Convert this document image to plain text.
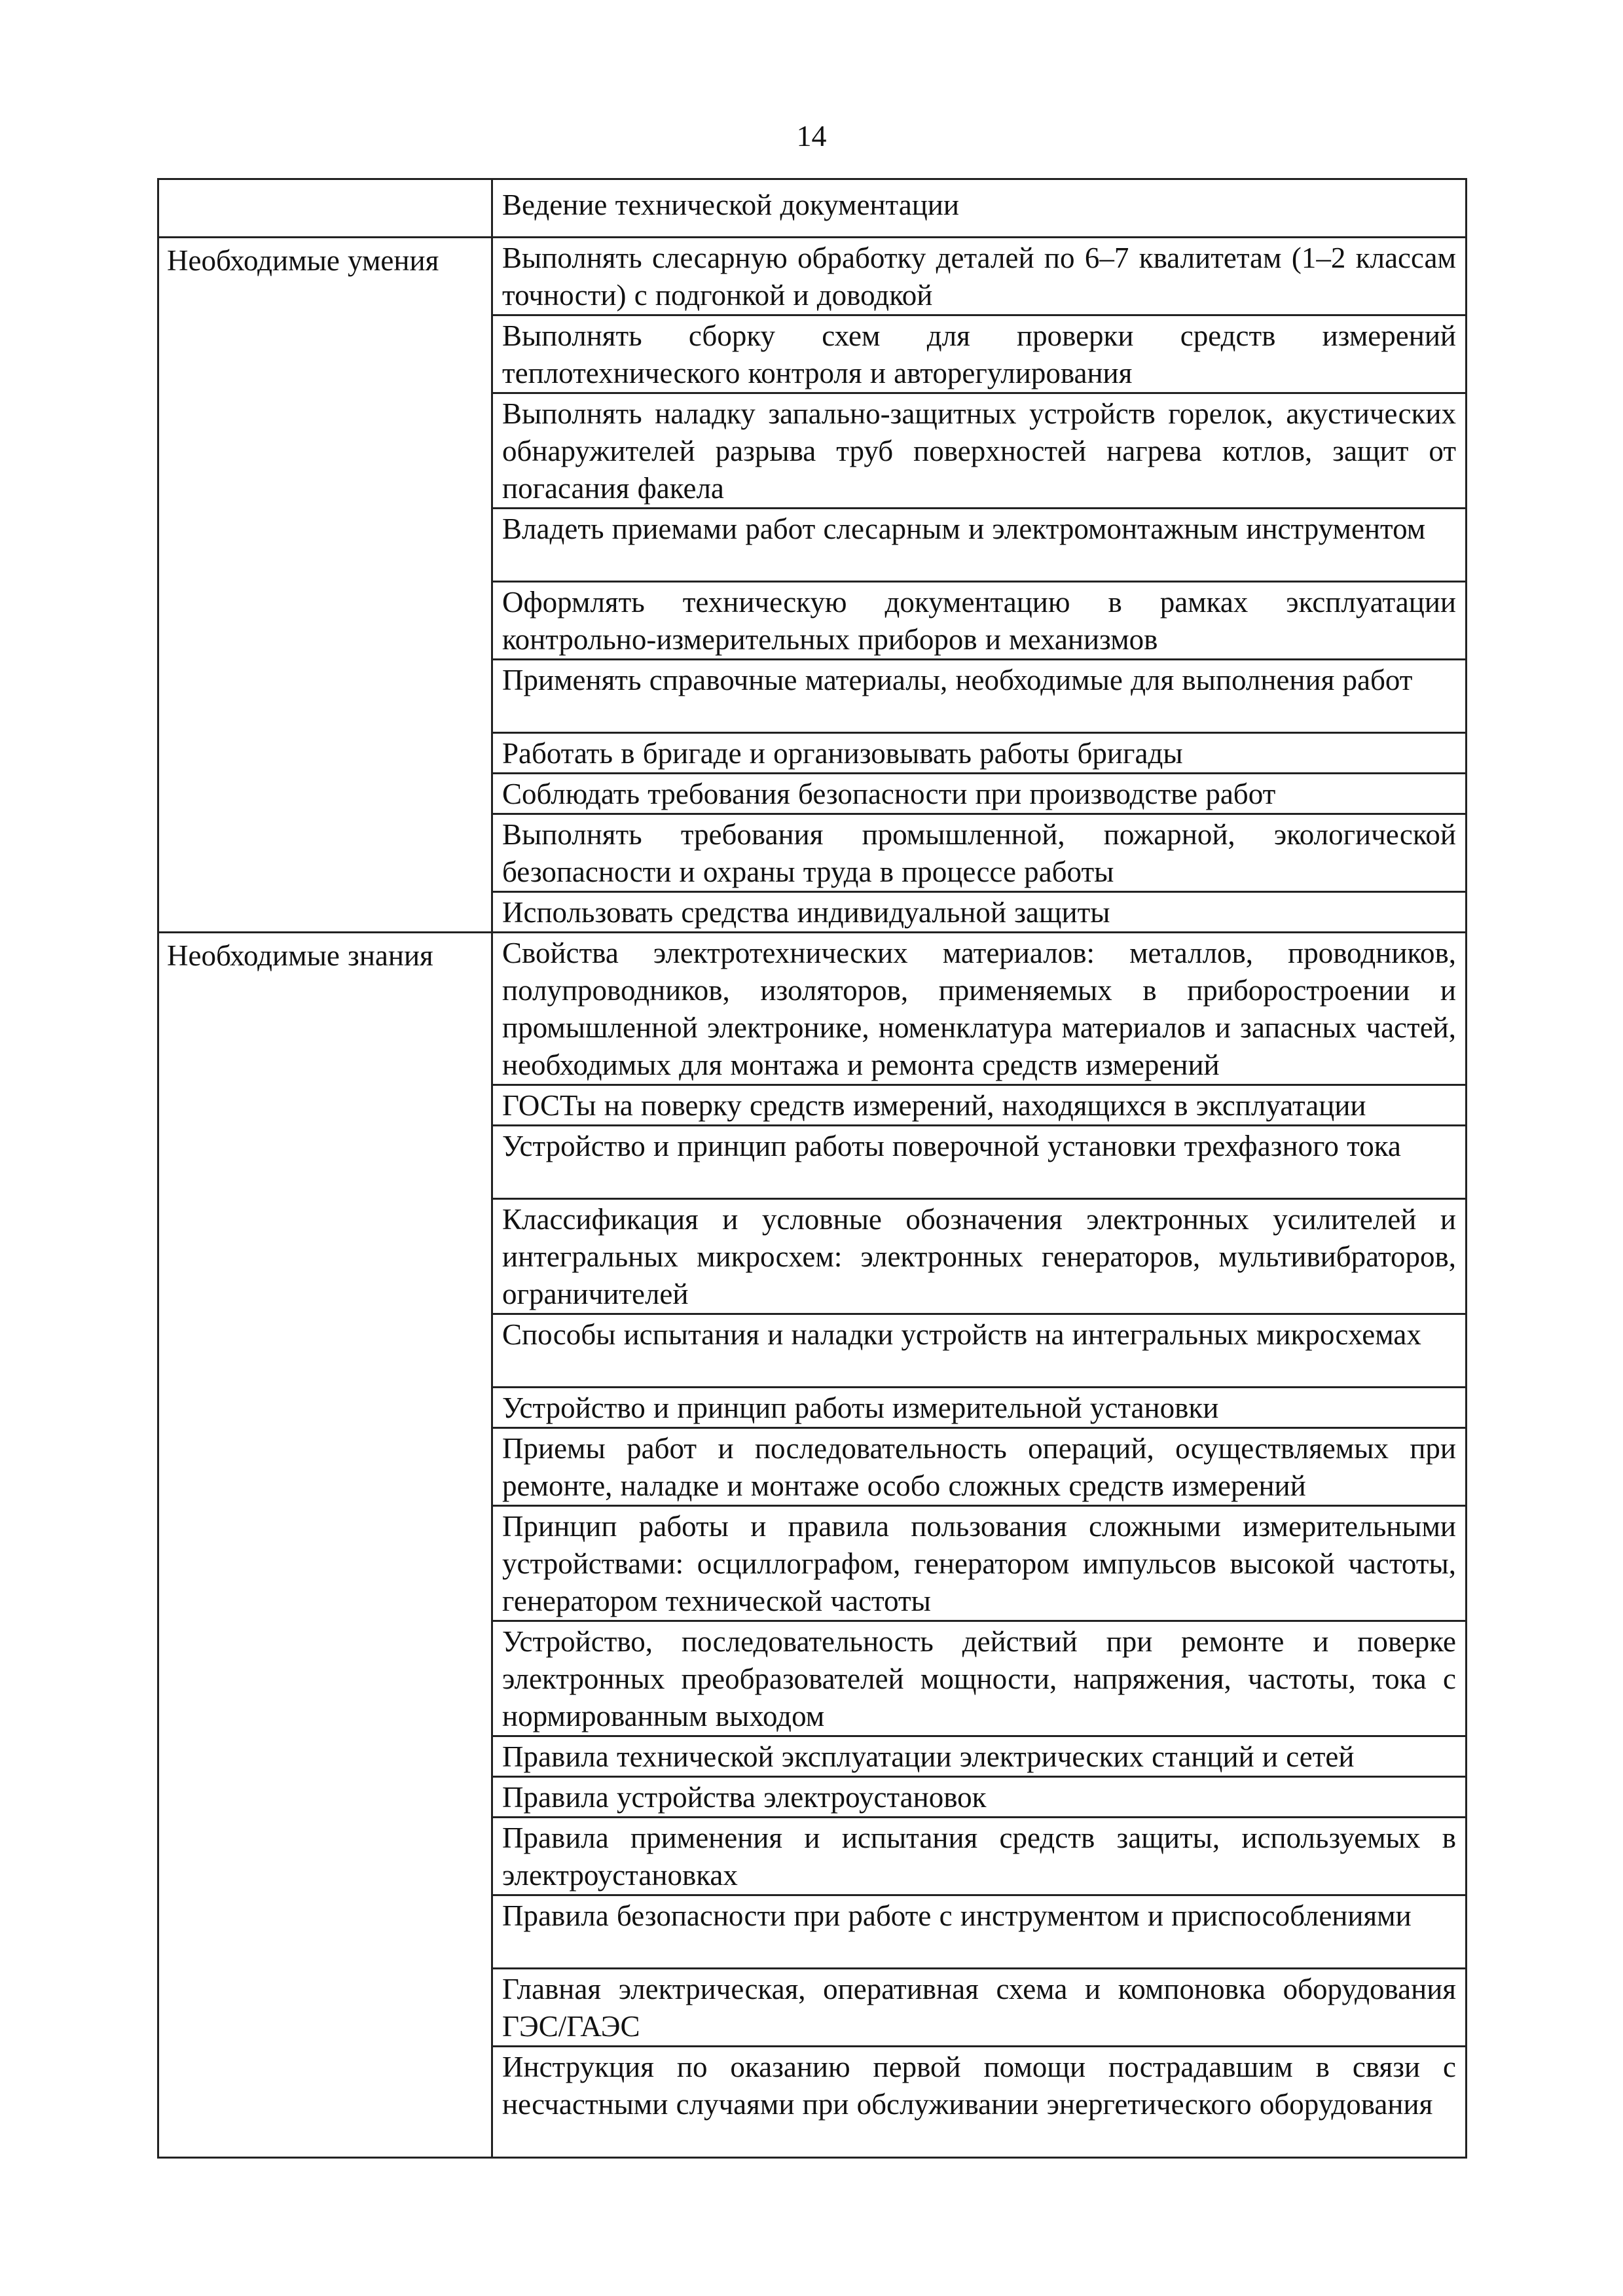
14
	Ведение технической документации
Необходимые умения	Выполнять слесарную обработку деталей по 6–7 квалитетам (1–2 классам точности) с подгонкой и доводкой
	Выполнять сборку схем для проверки средств измерений теплотехнического контроля и авторегулирования
	Выполнять наладку запально-защитных устройств горелок, акустических обнаружителей разрыва труб поверхностей нагрева котлов, защит от погасания факела
	Владеть приемами работ слесарным и электромонтажным инструментом
	Оформлять техническую документацию в рамках эксплуатации контрольно-измерительных приборов и механизмов
	Применять справочные материалы, необходимые для выполнения работ
	Работать в бригаде и организовывать работы бригады
	Соблюдать требования безопасности при производстве работ
	Выполнять требования промышленной, пожарной, экологической безопасности и охраны труда в процессе работы
	Использовать средства индивидуальной защиты
Необходимые знания	Свойства электротехнических материалов: металлов, проводников, полупроводников, изоляторов, применяемых в приборостроении и промышленной электронике, номенклатура материалов и запасных частей, необходимых для монтажа и ремонта средств измерений
	ГОСТы на поверку средств измерений, находящихся в эксплуатации
	Устройство и принцип работы поверочной установки трехфазного тока
	Классификация и условные обозначения электронных усилителей и интегральных микросхем: электронных генераторов, мультивибраторов, ограничителей
	Способы испытания и наладки устройств на интегральных микросхемах
	Устройство и принцип работы измерительной установки
	Приемы работ и последовательность операций, осуществляемых при ремонте, наладке и монтаже особо сложных средств измерений
	Принцип работы и правила пользования сложными измерительными устройствами: осциллографом, генератором импульсов высокой частоты, генератором технической частоты
	Устройство, последовательность действий при ремонте и поверке электронных преобразователей мощности, напряжения, частоты, тока с нормированным выходом
	Правила технической эксплуатации электрических станций и сетей
	Правила устройства электроустановок
	Правила применения и испытания средств защиты, используемых в электроустановках
	Правила безопасности при работе с инструментом и приспособлениями
	Главная электрическая, оперативная схема и компоновка оборудования ГЭС/ГАЭС
	Инструкция по оказанию первой помощи пострадавшим в связи с несчастными случаями при обслуживании энергетического оборудования
